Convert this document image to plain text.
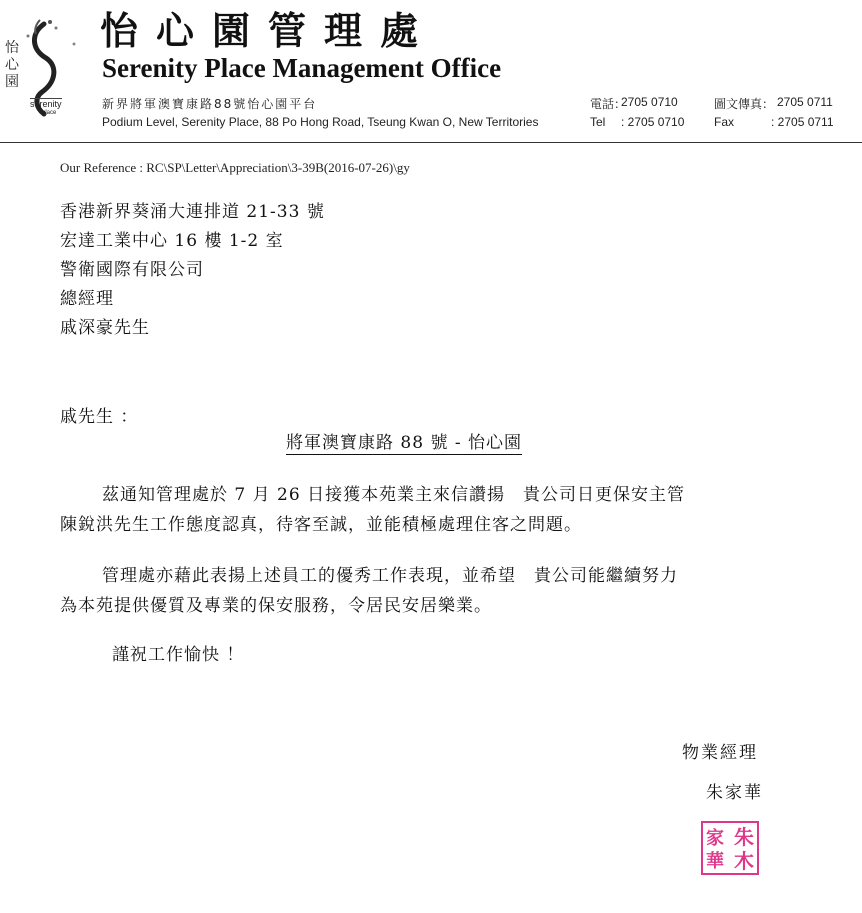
怡
心
園
serenity
place
怡心園管理處
Serenity Place Management Office
新界將軍澳寶康路88號怡心園平台
Podium Level, Serenity Place, 88 Po Hong Road, Tseung Kwan O, New Territories
電話：
2705 0710	圖文傳真： 2705 0711
Tel : 2705 0710 Fax	: 2705 0711
Our Reference : RC\SP\Letter\Appreciation\3-39B(2016-07-26)\gy
香港新界葵涌大連排道 21-33 號
宏達工業中心 16 樓 1-2 室
警衛國際有限公司
總經理
戚深豪先生
戚先生 ：
將軍澳寶康路 88 號 - 怡心園
茲通知管理處於 7 月 26 日接獲本苑業主來信讚揚　貴公司日更保安主管
陳銳洪先生工作態度認真，待客至誠，並能積極處理住客之問題。
管理處亦藉此表揚上述員工的優秀工作表現，並希望　貴公司能繼續努力
為本苑提供優質及專業的保安服務，令居民安居樂業。
謹祝工作愉快 ！
物業經理
朱家華
家
華
朱
木
